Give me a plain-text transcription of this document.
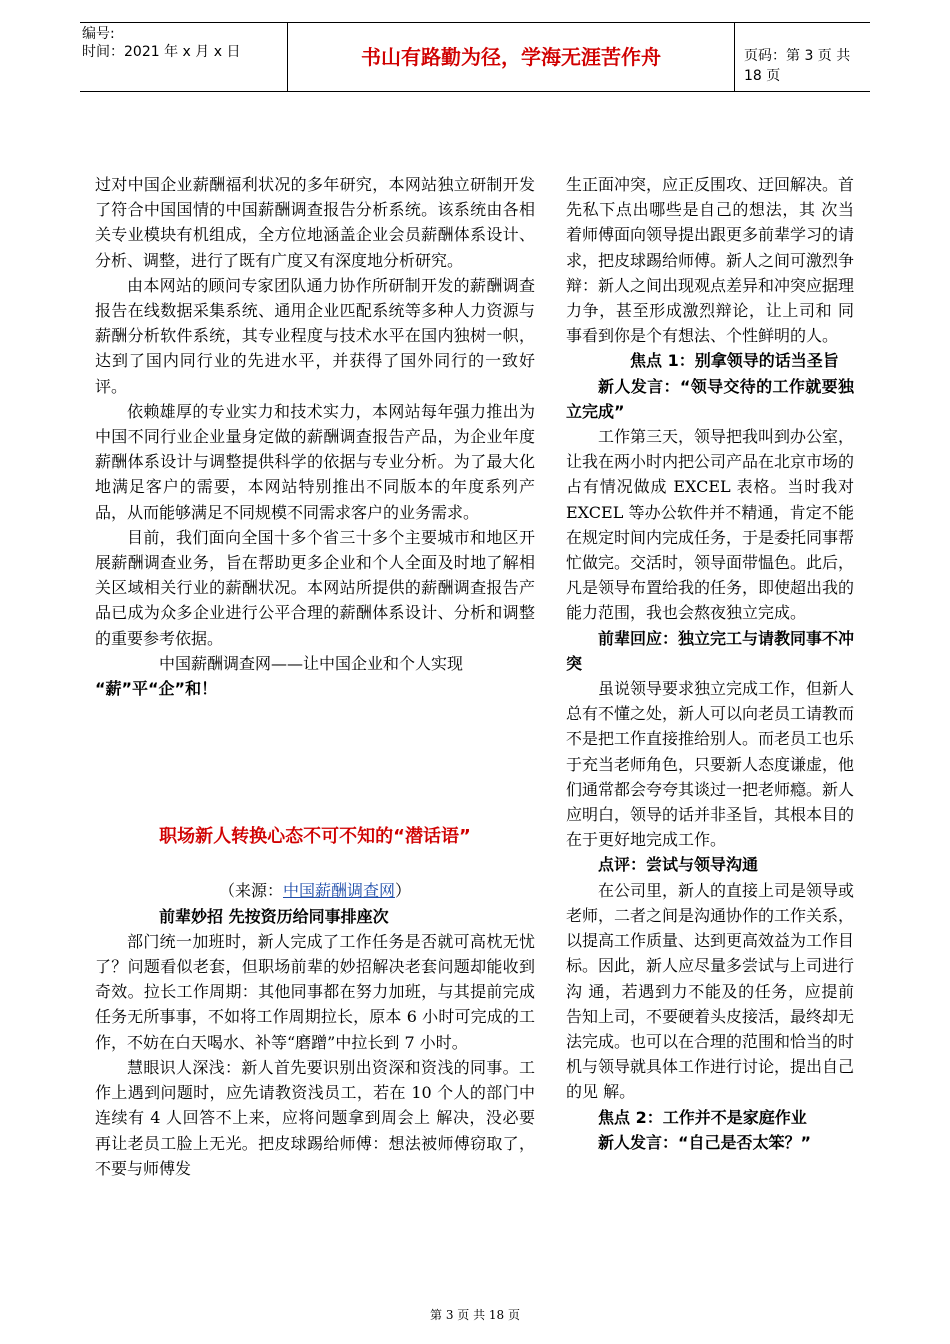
编号:
时间：2021 年 x 月 x 日	书山有路勤为径，学海无涯苦作舟	页码：第 3 页 共 18 页

过对中国企业薪酬福利状况的多年研究，本网站独立研制开发了符合中国国情的中国薪酬调查报告分析系统。该系统由各相关专业模块有机组成，全方位地涵盖企业会员薪酬体系设计、分析、调整，进行了既有广度又有深度地分析研究。

由本网站的顾问专家团队通力协作所研制开发的薪酬调查报告在线数据采集系统、通用企业匹配系统等多种人力资源与薪酬分析软件系统，其专业程度与技术水平在国内独树一帜，达到了国内同行业的先进水平，并获得了国外同行的一致好评。

依赖雄厚的专业实力和技术实力，本网站每年强力推出为中国不同行业企业量身定做的薪酬调查报告产品，为企业年度薪酬体系设计与调整提供科学的依据与专业分析。为了最大化地满足客户的需要，本网站特别推出不同版本的年度系列产品，从而能够满足不同规模不同需求客户的业务需求。

目前，我们面向全国十多个省三十多个主要城市和地区开展薪酬调查业务，旨在帮助更多企业和个人全面及时地了解相关区域相关行业的薪酬状况。本网站所提供的薪酬调查报告产品已成为众多企业进行公平合理的薪酬体系设计、分析和调整的重要参考依据。

中国薪酬调查网——让中国企业和个人实现

“薪”平“企”和！

职场新人转换心态不可不知的“潜话语”

（来源：中国薪酬调查网）

前辈妙招 先按资历给同事排座次

部门统一加班时，新人完成了工作任务是否就可高枕无忧了？问题看似老套，但职场前辈的妙招解决老套问题却能收到奇效。拉长工作周期：其他同事都在努力加班，与其提前完成任务无所事事，不如将工作周期拉长，原本 6 小时可完成的工作，不妨在白天喝水、补等“磨蹭”中拉长到 7 小时。

慧眼识人深浅：新人首先要识别出资深和资浅的同事。工作上遇到问题时，应先请教资浅员工，若在 10 个人的部门中连续有 4 人回答不上来，应将问题拿到周会上 解决，没必要再让老员工脸上无光。把皮球踢给师傅：想法被师傅窃取了，不要与师傅发

生正面冲突，应正反围攻、迂回解决。首先私下点出哪些是自己的想法，其 次当着师傅面向领导提出跟更多前辈学习的请求，把皮球踢给师傅。新人之间可激烈争辩：新人之间出现观点差异和冲突应据理力争，甚至形成激烈辩论，让上司和 同事看到你是个有想法、个性鲜明的人。

焦点 1：别拿领导的话当圣旨

新人发言：“领导交待的工作就要独立完成”

工作第三天，领导把我叫到办公室，让我在两小时内把公司产品在北京市场的占有情况做成 EXCEL 表格。当时我对 EXCEL 等办公软件并不精通，肯定不能在规定时间内完成任务，于是委托同事帮忙做完。交活时，领导面带愠色。此后，凡是领导布置给我的任务，即使超出我的能力范围，我也会熬夜独立完成。

前辈回应：独立完工与请教同事不冲突

虽说领导要求独立完成工作，但新人总有不懂之处，新人可以向老员工请教而不是把工作直接推给别人。而老员工也乐于充当老师角色，只要新人态度谦虚，他们通常都会夸夸其谈过一把老师瘾。新人应明白，领导的话并非圣旨，其根本目的在于更好地完成工作。

点评：尝试与领导沟通

在公司里，新人的直接上司是领导或老师，二者之间是沟通协作的工作关系，以提高工作质量、达到更高效益为工作目标。因此，新人应尽量多尝试与上司进行沟 通，若遇到力不能及的任务，应提前告知上司，不要硬着头皮接活，最终却无法完成。也可以在合理的范围和恰当的时机与领导就具体工作进行讨论，提出自己的见 解。

焦点 2：工作并不是家庭作业

新人发言：“自己是否太笨？”

第 3 页 共 18 页
